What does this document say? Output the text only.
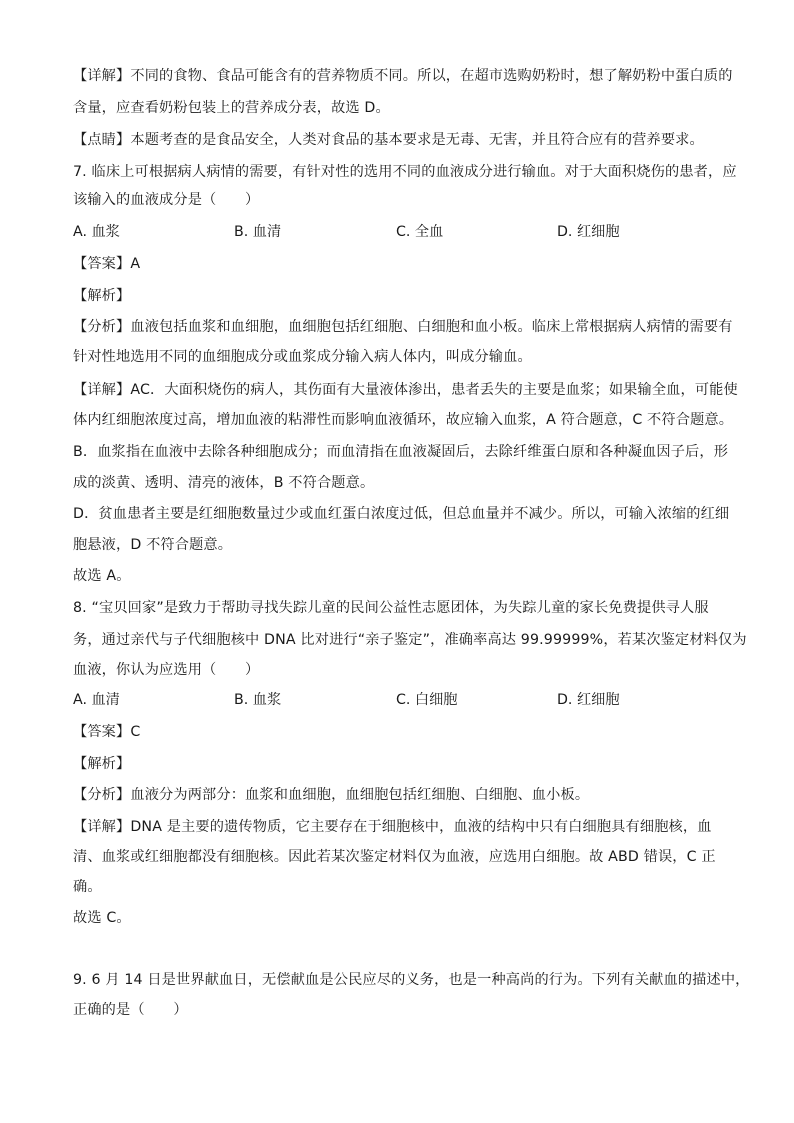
【详解】不同的食物、食品可能含有的营养物质不同。所以，在超市选购奶粉时，想了解奶粉中蛋白质的
含量，应查看奶粉包装上的营养成分表，故选 D。
【点睛】本题考查的是食品安全，人类对食品的基本要求是无毒、无害，并且符合应有的营养要求。
7. 临床上可根据病人病情的需要，有针对性的选用不同的血液成分进行输血。对于大面积烧伤的患者，应
该输入的血液成分是（　　）
A. 血浆	B. 血清	C. 全血	D. 红细胞
【答案】A
【解析】
【分析】血液包括血浆和血细胞，血细胞包括红细胞、白细胞和血小板。临床上常根据病人病情的需要有
针对性地选用不同的血细胞成分或血浆成分输入病人体内，叫成分输血。
【详解】AC．大面积烧伤的病人，其伤面有大量液体渗出，患者丢失的主要是血浆；如果输全血，可能使
体内红细胞浓度过高，增加血液的粘滞性而影响血液循环，故应输入血浆，A 符合题意，C 不符合题意。
B．血浆指在血液中去除各种细胞成分；而血清指在血液凝固后，去除纤维蛋白原和各种凝血因子后，形
成的淡黄、透明、清亮的液体，B 不符合题意。
D．贫血患者主要是红细胞数量过少或血红蛋白浓度过低，但总血量并不减少。所以，可输入浓缩的红细
胞悬液，D 不符合题意。
故选 A。
8. “宝贝回家”是致力于帮助寻找失踪儿童的民间公益性志愿团体，为失踪儿童的家长免费提供寻人服
务，通过亲代与子代细胞核中 DNA 比对进行“亲子鉴定”，准确率高达 99.99999%，若某次鉴定材料仅为
血液，你认为应选用（　　）
A. 血清	B. 血浆	C. 白细胞	D. 红细胞
【答案】C
【解析】
【分析】血液分为两部分：血浆和血细胞，血细胞包括红细胞、白细胞、血小板。
【详解】DNA 是主要的遗传物质，它主要存在于细胞核中，血液的结构中只有白细胞具有细胞核，血
清、血浆或红细胞都没有细胞核。因此若某次鉴定材料仅为血液，应选用白细胞。故 ABD 错误，C 正
确。
故选 C。
9. 6 月 14 日是世界献血日，无偿献血是公民应尽的义务，也是一种高尚的行为。下列有关献血的描述中，
正确的是（　　）
